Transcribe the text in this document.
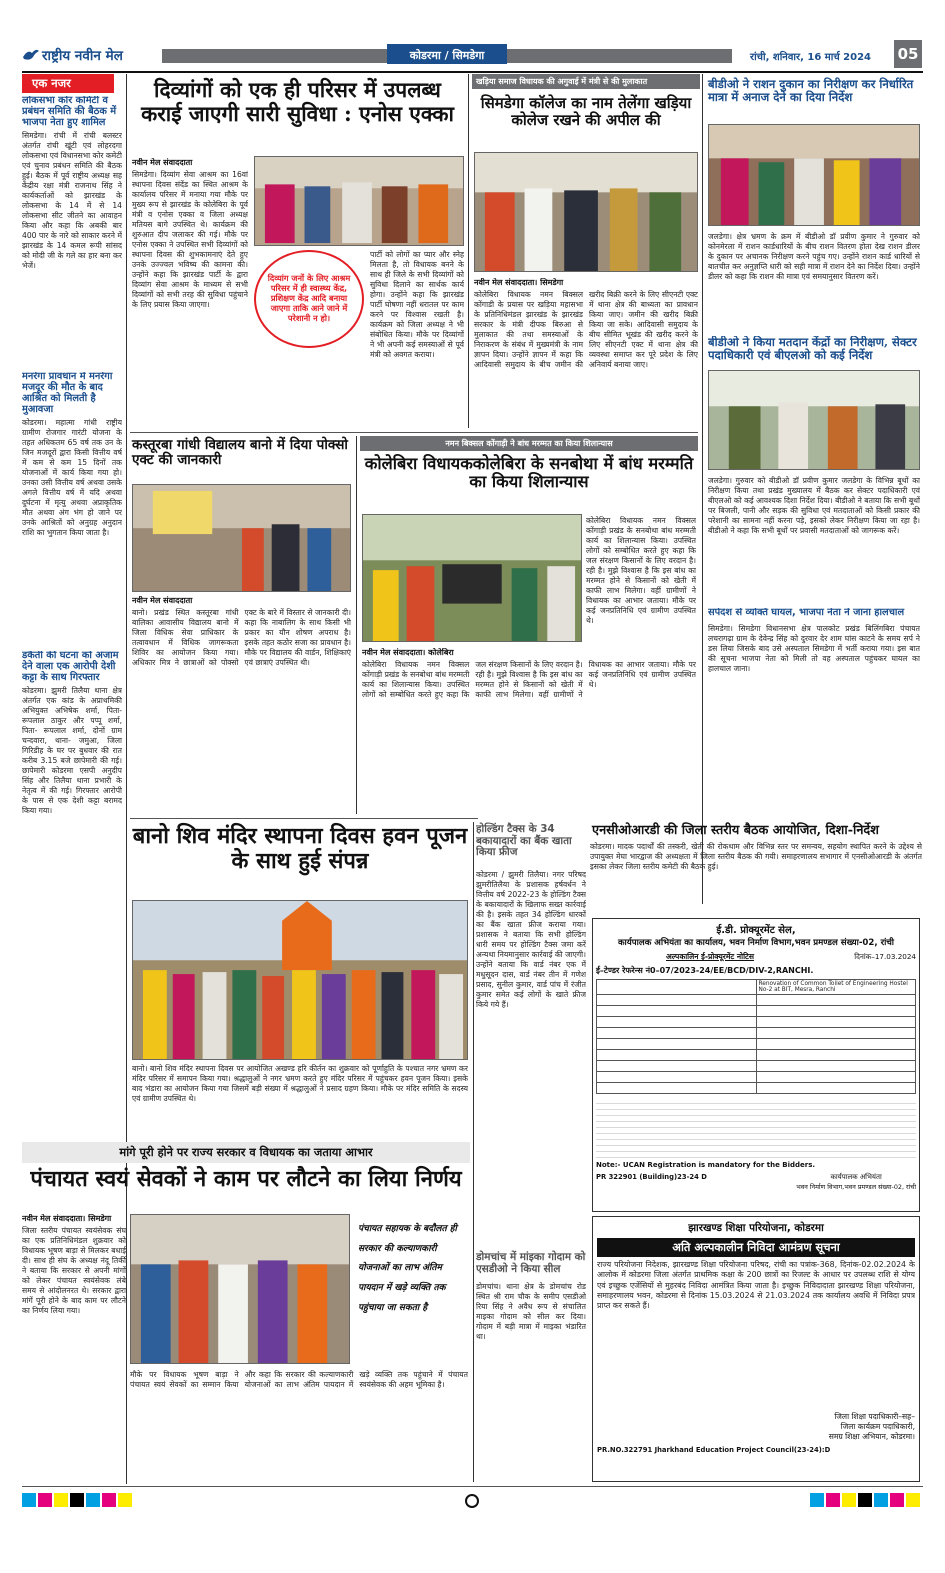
राष्ट्रीय नवीन मेल	कोडरमा / सिमडेगा	रांची, शनिवार, 16 मार्च 2024 05
एक नजर
लोकसभा कोर कमिटी व प्रबंधन समिति की बैठक में भाजपा नेता हुए शामिल
सिमडेगा। रांची में रांची बलस्टर अंतर्गत रांची खूंटी एवं लोहरदगा लोकसभा एवं विधानसभा कोर कमेटी एवं चुनाव प्रबंधन समिति की बैठक हुई। बैठक में पूर्व राष्ट्रीय अध्यक्ष सह केंद्रीय रक्षा मंत्री राजनाथ सिंह ने कार्यकर्ताओं को झारखंड के लोकसभा के 14 में से 14 लोकसभा सीट जीतने का आवाहन किया और कहा कि अबकी बार 400 पार के नारे को साकार करने में झारखंड के 14 कमल रूपी सांसद को मोदी जी के गले का हार बना कर भेजें।
मनरेगा प्रावधान में मनरेगा मजदूर की मौत के बाद आश्रित को मिलती है मुआवजा
कोडरमा। महात्मा गांधी राष्ट्रीय ग्रामीण रोजगार गारंटी योजना के तहत अधिकतम 65 वर्ष तक उन के जिन मजदूरों द्वारा किसी वित्तीय वर्ष में कम से कम 15 दिनों तक योजनाओं में कार्य किया गया हो। उनका उसी वित्तीय वर्ष अथवा उसके अगले वित्तीय वर्ष में यदि अथवा दुर्घटना में मृत्यु अथवा अप्राकृतिक मौत अथवा अंग भंग हो जाने पर उनके आश्रितों को अनुग्रह अनुदान राशि का भुगतान किया जाता है।
डकैती की घटना को अंजाम देने वाला एक आरोपी देशी कट्टा के साथ गिरफ्तार
कोडरमा। झुमरी तिलैया थाना क्षेत्र अंतर्गत एक कांड के अप्राथमिकी अभियुक्त अभिषेक शर्मा, पिता- रूपलाल ठाकुर और पप्पू शर्मा, पिता- रूपलाल शर्मा, दोनों ग्राम चन्दवारा, थाना- जमुआ, जिला गिरिडीह के घर पर बुधवार की रात करीब 3.15 बजे छापेमारी की गई। छापेमारी कोडरमा एसपी अनुदीप सिंह और तिलैया थाना प्रभारी के नेतृत्व में की गई। गिरफ्तार आरोपी के पास से एक देशी कट्टा बरामद किया गया।
दिव्यांगों को एक ही परिसर में उपलब्ध कराई जाएगी सारी सुविधा : एनोस एक्का
नवीन मेल संवाददाता
सिमडेगा। दिव्यांग सेवा आश्रम का 16वां स्थापना दिवस संदेंड का स्थित आश्रम के कार्यालय परिसर में मनाया गया मौके पर मुख्य रूप से झारखंड के कोलेबिरा के पूर्व मंत्री व एनोस एक्का व जिला अध्यक्ष मतियस बागे उपस्थित थे। कार्यक्रम की शुरुआत दीप जलाकर की गई। मौके पर एनोस एक्का ने उपस्थित सभी दिव्यांगों को स्थापना दिवस की शुभकामनाएं देते हुए उनके उज्ज्वल भविष्य की कामना की। उन्होंने कहा कि झारखंड पार्टी के द्वारा दिव्यांग सेवा आश्रम के माध्यम से सभी दिव्यांगों को सभी तरह की सुविधा पहुंचाने के लिए प्रयास किया जाएगा।
दिव्यांग जनों के लिए आश्रम परिसर में ही स्वास्थ्य केंद्र, प्रशिक्षण केंद्र आदि बनाया जाएगा ताकि आने जाने में परेशानी न हो।
पार्टी को लोगों का प्यार और स्नेह मिलता है, तो विधायक बनने के साथ ही जिले के सभी दिव्यांगों को सुविधा दिलाने का सार्थक कार्य होगा। उन्होंने कहा कि झारखंड पार्टी घोषणा नहीं धरातल पर काम करने पर विश्वास रखती है। कार्यक्रम को जिला अध्यक्ष ने भी संबोधित किया। मौके पर दिव्यांगों ने भी अपनी कई समस्याओं से पूर्व मंत्री को अवगत कराया।
खड़िया समाज विधायक की अगुवाई में मंत्री से की मुलाकात
सिमडेगा कॉलेज का नाम तेलेंगा खड़िया कोलेज रखने की अपील की
नवीन मेल संवाददाता। सिमडेगा
कोलेबिरा विधायक नमन बिक्सल कोंगाडी के प्रयास पर खड़िया महासभा के प्रतिनिधिमंडल झारखंड के झारखंड सरकार के मंत्री दीपक बिरुआ से मुलाकात की तथा समस्याओं के निराकरण के संबंध में मुख्यमंत्री के नाम ज्ञापन दिया। उन्होंने ज्ञापन में कहा कि आदिवासी समुदाय के बीच जमीन की खरीद बिक्री करने के लिए सीएनटी एक्ट में थाना क्षेत्र की बाध्यता का प्रावधान किया जाए। जमीन की खरीद बिक्री किया जा सके। आदिवासी समुदाय के बीच सीमित भूखंड की खरीद करने के लिए सीएनटी एक्ट में थाना क्षेत्र की व्यवस्था समाप्त कर पूरे प्रदेश के लिए अनिवार्य बनाया जाए।
बीडीओ ने राशन दुकान का निरीक्षण कर निर्धारित मात्रा में अनाज देने का दिया निर्देश
जलडेगा। क्षेत्र भ्रमण के क्रम में बीडीओ डॉ प्रवीण कुमार ने गुरुवार को कोनमेरला में राशन कार्डधारियों के बीच राशन वितरण होता देख राशन डीलर के दुकान पर अचानक निरीक्षण करने पहुंच गए। उन्होंने राशन कार्ड धारियों से बातचीत कर अनुज्ञप्ति धारी को सही मात्रा में राशन देने का निर्देश दिया। उन्होंने डीलर को कहा कि राशन की मात्रा एवं समयानुसार वितरण करें।
बीडीओ ने किया मतदान केंद्रों का निरीक्षण, सेक्टर पदाधिकारी एवं बीएलओ को कई निर्देश
जलडेगा। गुरुवार को बीडीओ डॉ प्रवीण कुमार जलडेगा के विभिन्न बूथों का निरीक्षण किया तथा प्रखंड मुख्यालय में बैठक कर सेक्टर पदाधिकारी एवं बीएलओ को कई आवश्यक दिशा निर्देश दिया। बीडीओ ने बताया कि सभी बूथों पर बिजली, पानी और सड़क की सुविधा एवं मतदाताओं को किसी प्रकार की परेशानी का सामना नहीं करना पड़े, इसको लेकर निरीक्षण किया जा रहा है। बीडीओ ने कहा कि सभी बूथों पर प्रवासी मतदाताओं को जागरूक करें।
सर्पदंश से व्यक्ति घायल, भाजपा नेता ने जाना हालचाल
सिमडेगा। सिमडेगा विधानसभा क्षेत्र पालकोट प्रखंड बिलिंगबिरा पंचायत लचरागढ़ा ग्राम के देवेन्द्र सिंह को दुरवार देर शाम घांस काटने के समय सर्प ने डस लिया जिसके बाद उसे अस्पताल सिमडेगा में भर्ती कराया गया। इस बात की सूचना भाजपा नेता को मिली तो वह अस्पताल पहुंचकर घायल का हालचाल जाना।
कस्तूरबा गांधी विद्यालय बानो में दिया पोक्सो एक्ट की जानकारी
नवीन मेल संवाददाता
बानो। प्रखंड स्थित कस्तूरबा गांधी बालिका आवासीय विद्यालय बानो में जिला विधिक सेवा प्राधिकार के तत्वावधान में विधिक जागरूकता शिविर का आयोजन किया गया। अधिकार मित्र ने छात्राओं को पोक्सो एक्ट के बारे में विस्तार से जानकारी दी। कहा कि नाबालिग के साथ किसी भी प्रकार का यौन शोषण अपराध है। इसके तहत कठोर सजा का प्रावधान है। मौके पर विद्यालय की वार्डन, शिक्षिकाएं एवं छात्राएं उपस्थित थी।
नमन बिक्सल कोंगाड़ी ने बांध मरम्मत का किया शिलान्यास
कोलेबिरा विधायककोलेबिरा के सनबोथा में बांध मरम्मति का किया शिलान्यास
कोलेबिरा विधायक नमन विक्सल कोंगाड़ी प्रखंड के सनबोथा बांध मरम्मती कार्य का शिलान्यास किया। उपस्थित लोगों को सम्बोधित करते हुए कहा कि जल संरक्षण किसानों के लिए वरदान है। रही है। मुझे विश्वास है कि इस बांध का मरम्मत होने से किसानों को खेती में काफी लाभ मिलेगा। वहीं ग्रामीणों ने विधायक का आभार जताया। मौके पर कई जनप्रतिनिधि एवं ग्रामीण उपस्थित थे।
नवीन मेल संवाददाता। कोलेबिरा
कोलेबिरा विधायक नमन विक्सल कोंगाड़ी प्रखंड के सनबोथा बांध मरम्मती कार्य का शिलान्यास किया। उपस्थित लोगों को सम्बोधित करते हुए कहा कि जल संरक्षण किसानों के लिए वरदान है। रही है। मुझे विश्वास है कि इस बांध का मरम्मत होने से किसानों को खेती में काफी लाभ मिलेगा। वहीं ग्रामीणों ने विधायक का आभार जताया। मौके पर कई जनप्रतिनिधि एवं ग्रामीण उपस्थित थे।
बानो शिव मंदिर स्थापना दिवस हवन पूजन के साथ हुई संपन्न
बानो। बानो शिव मंदिर स्थापना दिवस पर आयोजित अखण्ड हरि कीर्तन का शुक्रवार को पूर्णाहुति के पश्चात नगर भ्रमण कर मंदिर परिसर में समापन किया गया। श्रद्धालुओं ने नगर भ्रमण करते हुए मंदिर परिसर में पहुंचकर हवन पूजन किया। इसके बाद भंडारा का आयोजन किया गया जिसमें बड़ी संख्या में श्रद्धालुओं ने प्रसाद ग्रहण किया। मौके पर मंदिर समिति के सदस्य एवं ग्रामीण उपस्थित थे।
होल्डिंग टैक्स के 34 बकायादारों का बैंक खाता किया फ्रीज
कोडरमा / झुमरी तिलैया। नगर परिषद झुमरीतिलैया के प्रशासक हर्षवर्धन ने वित्तीय वर्ष 2022-23 के होल्डिंग टैक्स के बकायादारों के खिलाफ सख्त कार्रवाई की है। इसके तहत 34 होल्डिंग धारकों का बैंक खाता फ्रीज कराया गया। प्रशासक ने बताया कि सभी होल्डिंग धारी समय पर होल्डिंग टैक्स जमा करें अन्यथा नियमानुसार कार्रवाई की जाएगी। उन्होंने बताया कि वार्ड नंबर एक में मधुसूदन दास, वार्ड नंबर तीन में गणेश प्रसाद, सुनील कुमार, वार्ड पांच में रंजीत कुमार समेत कई लोगों के खाते फ्रीज किये गये हैं।
डोमचांच में मांइका गोदाम को एसडीओ ने किया सील
डोमचांच। थाना क्षेत्र के डोमचांच रोड स्थित श्री राम चौक के समीप एसडीओ रिया सिंह ने अवैध रूप से संचालित माइका गोदाम को सील कर दिया। गोदाम में बड़ी मात्रा में माइका भंडारित था।
एनसीओआरडी की जिला स्तरीय बैठक आयोजित, दिशा-निर्देश
कोडरमा। मादक पदार्थों की तस्करी, खेती की रोकथाम और विभिन्न स्तर पर समन्वय, सहयोग स्थापित करने के उद्देश्य से उपायुक्त मेघा भारद्वाज की अध्यक्षता में जिला स्तरीय बैठक की गयी। समाहरणालय सभागार में एनसीओआरडी के अंतर्गत इसका लेकर जिला स्तरीय कमेटी की बैठक हुई।
ई.डी. प्रोक्यूरमेंट सेल,
कार्यपालक अभियंता का कार्यालय, भवन निर्माण विभाग,भवन प्रमण्डल संख्या-02, रांची
अल्पकालिन ई-प्रोक्यूरमेंट नोटिस	दिनांक–17.03.2024
ई–टेण्डर रेफरेन्स नं0–07/2023-24/EE/BCD/DIV-2,RANCHI.
	Renovation of Common Toilet of Engineering Hostel No-2 at BIT, Mesra, Ranchi

Note:- UCAN Registration is mandatory for the Bidders.
PR 322901 (Building)23-24 D	कार्यपालक अभियंता
भवन निर्माण विभाग,भवन प्रमण्डल संख्या-02, रांची
झारखण्ड शिक्षा परियोजना, कोडरमा
अति अल्पकालीन निविदा आमंत्रण सूचना
राज्य परियोजना निदेशक, झारखण्ड शिक्षा परियोजना परिषद, रांची का पत्रांक-368, दिनांक-02.02.2024 के आलोक में कोडरमा जिला अंतर्गत प्राथमिक कक्षा के 200 छात्रों का रिजल्ट के आधार पर उपलब्ध राशि से योग्य एवं इच्छुक एजेंसियों से मुहरबंद निविदा आमंत्रित किया जाता है। इच्छुक निविदादाता झारखण्ड शिक्षा परियोजना, समाहरणालय भवन, कोडरमा से दिनांक 15.03.2024 से 21.03.2024 तक कार्यालय अवधि में निविदा प्रपत्र प्राप्त कर सकते हैं।
जिला शिक्षा पदाधिकारी–सह–
जिला कार्यक्रम पदाधिकारी,
समग्र शिक्षा अभियान, कोडरमा।
PR.NO.322791 Jharkhand Education Project Council(23-24):D
मांगे पूरी होने पर राज्य सरकार व विधायक का जताया आभार
पंचायत स्वयं सेवकों ने काम पर लौटने का लिया निर्णय
नवीन मेल संवाददाता। सिमडेगा
जिला स्तरीय पंचायत स्वयंसेवक संघ का एक प्रतिनिधिमंडल शुक्रवार को विधायक भूषण बाड़ा से मिलकर बधाई दी। साथ ही संघ के अध्यक्ष नंदू तिर्की ने बताया कि सरकार से अपनी मांगों को लेकर पंचायत स्वयंसेवक लंबे समय से आंदोलनरत थे। सरकार द्वारा मांगें पूरी होने के बाद काम पर लौटने का निर्णय लिया गया।
पंचायत सहायक के बदौलत ही सरकार की कल्याणकारी योजनाओं का लाभ अंतिम पायदान में खड़े व्यक्ति तक पहुंचाया जा सकता है
मौके पर विधायक भूषण बाड़ा ने पंचायत स्वयं सेवकों का सम्मान किया और कहा कि सरकार की कल्याणकारी योजनाओं का लाभ अंतिम पायदान में खड़े व्यक्ति तक पहुंचाने में पंचायत स्वयंसेवक की अहम भूमिका है।
